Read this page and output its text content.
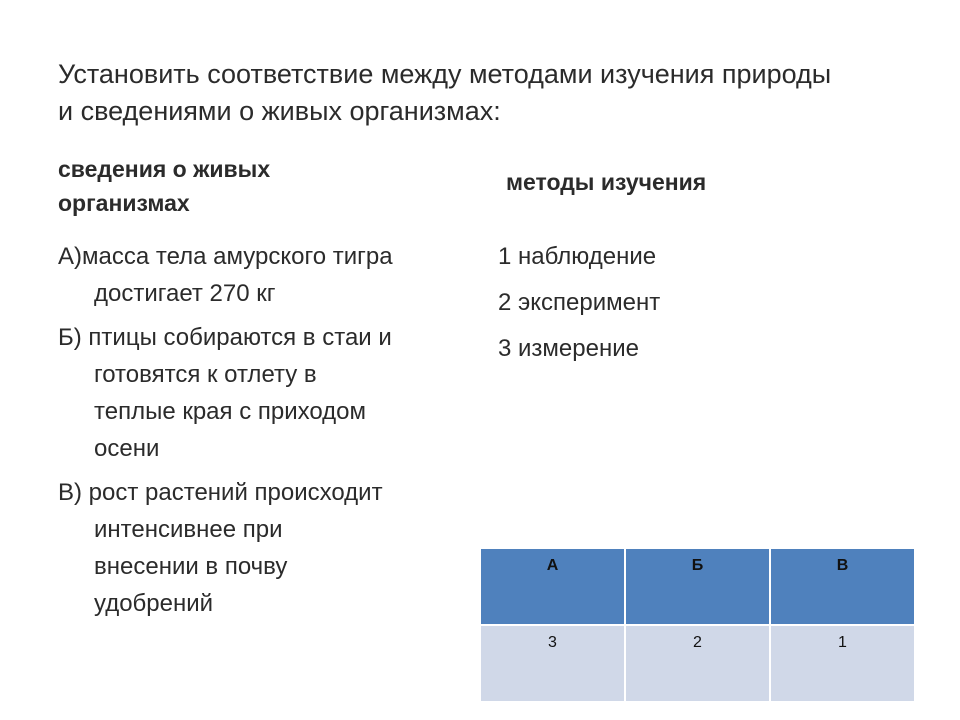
Установить соответствие между методами изучения природы
и сведениями о живых организмах:
сведения о живых
организмах
методы изучения
А)масса тела амурского тигра
достигает 270 кг
Б) птицы собираются в стаи и
готовятся к отлету в
теплые края с приходом
осени
В) рост растений происходит
интенсивнее при
внесении в почву
удобрений
1 наблюдение
2 эксперимент
3 измерение
А	Б	В
3	2	1
